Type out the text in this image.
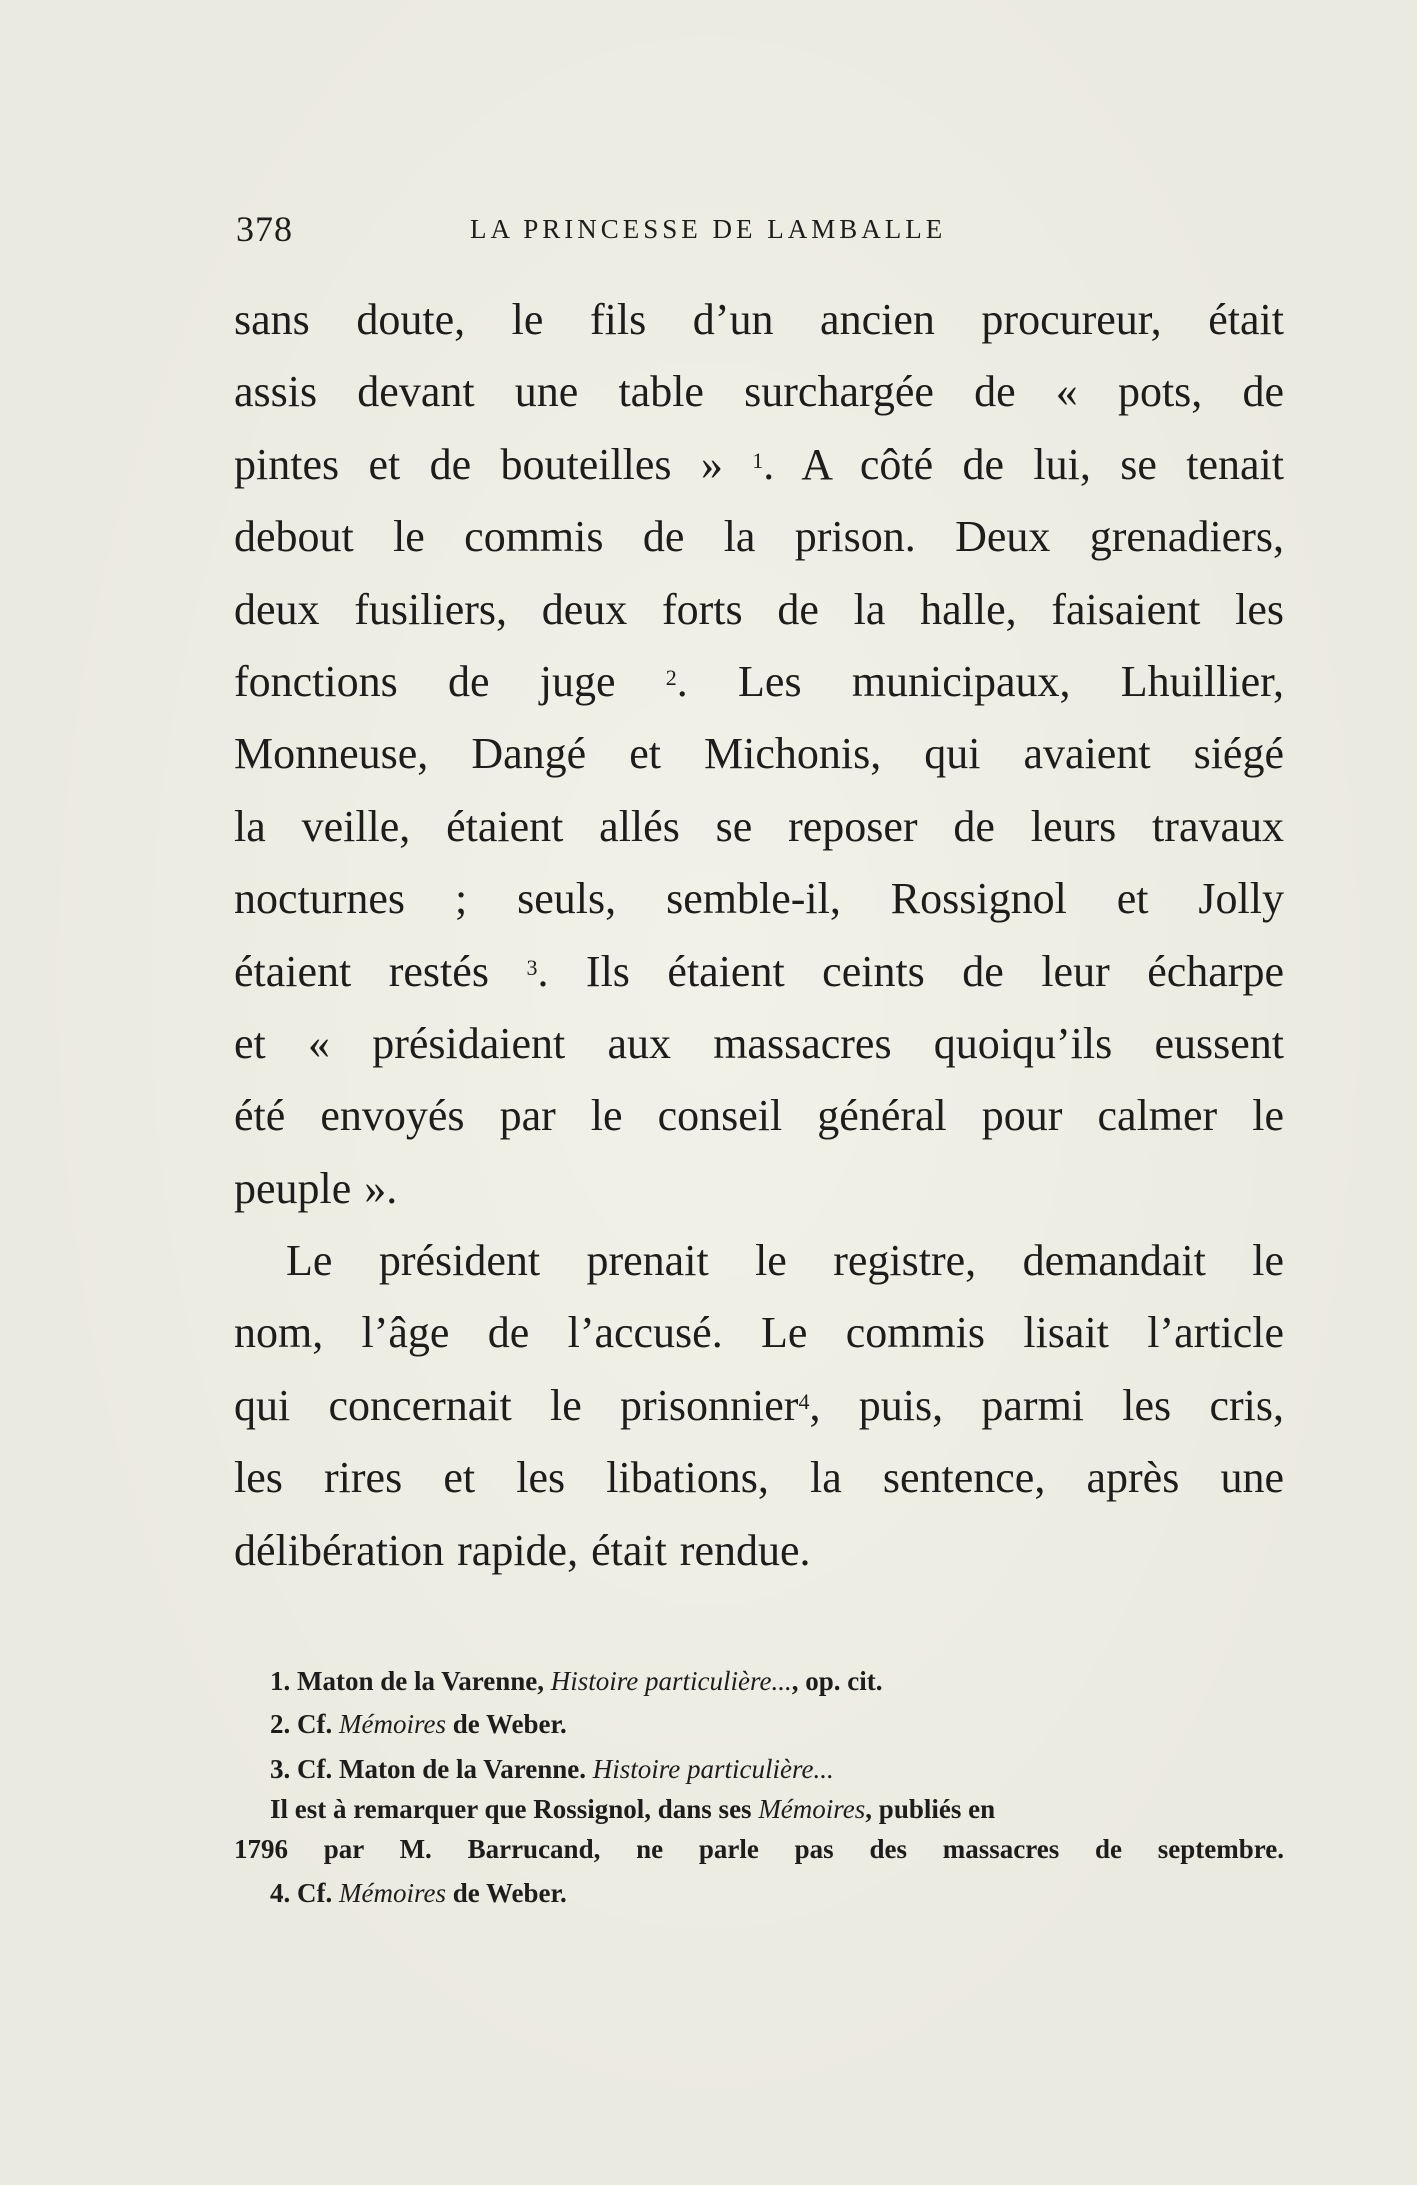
378	LA PRINCESSE DE LAMBALLE
sans doute, le fils d’un ancien procureur, était
assis devant une table surchargée de « pots, de
pintes et de bouteilles » $^1$. A côté de lui, se tenait
debout le commis de la prison. Deux grenadiers,
deux fusiliers, deux forts de la halle, faisaient les
fonctions de juge $^2$. Les municipaux, Lhuillier,
Monneuse, Dangé et Michonis, qui avaient siégé
la veille, étaient allés se reposer de leurs travaux
nocturnes ; seuls, semble-il, Rossignol et Jolly
étaient restés $^3$. Ils étaient ceints de leur écharpe
et « présidaient aux massacres quoiqu’ils eussent
été envoyés par le conseil général pour calmer le
peuple ».
Le président prenait le registre, demandait le
nom, l’âge de l’accusé. Le commis lisait l’article
qui concernait le prisonnier$^4$, puis, parmi les cris,
les rires et les libations, la sentence, après une
délibération rapide, était rendue.
1. Maton de la Varenne, Histoire particulière..., op. cit.
2. Cf. Mémoires de Weber.
3. Cf. Maton de la Varenne. Histoire particulière...
Il est à remarquer que Rossignol, dans ses Mémoires, publiés en
1796 par M. Barrucand, ne parle pas des massacres de septembre.
4. Cf. Mémoires de Weber.
